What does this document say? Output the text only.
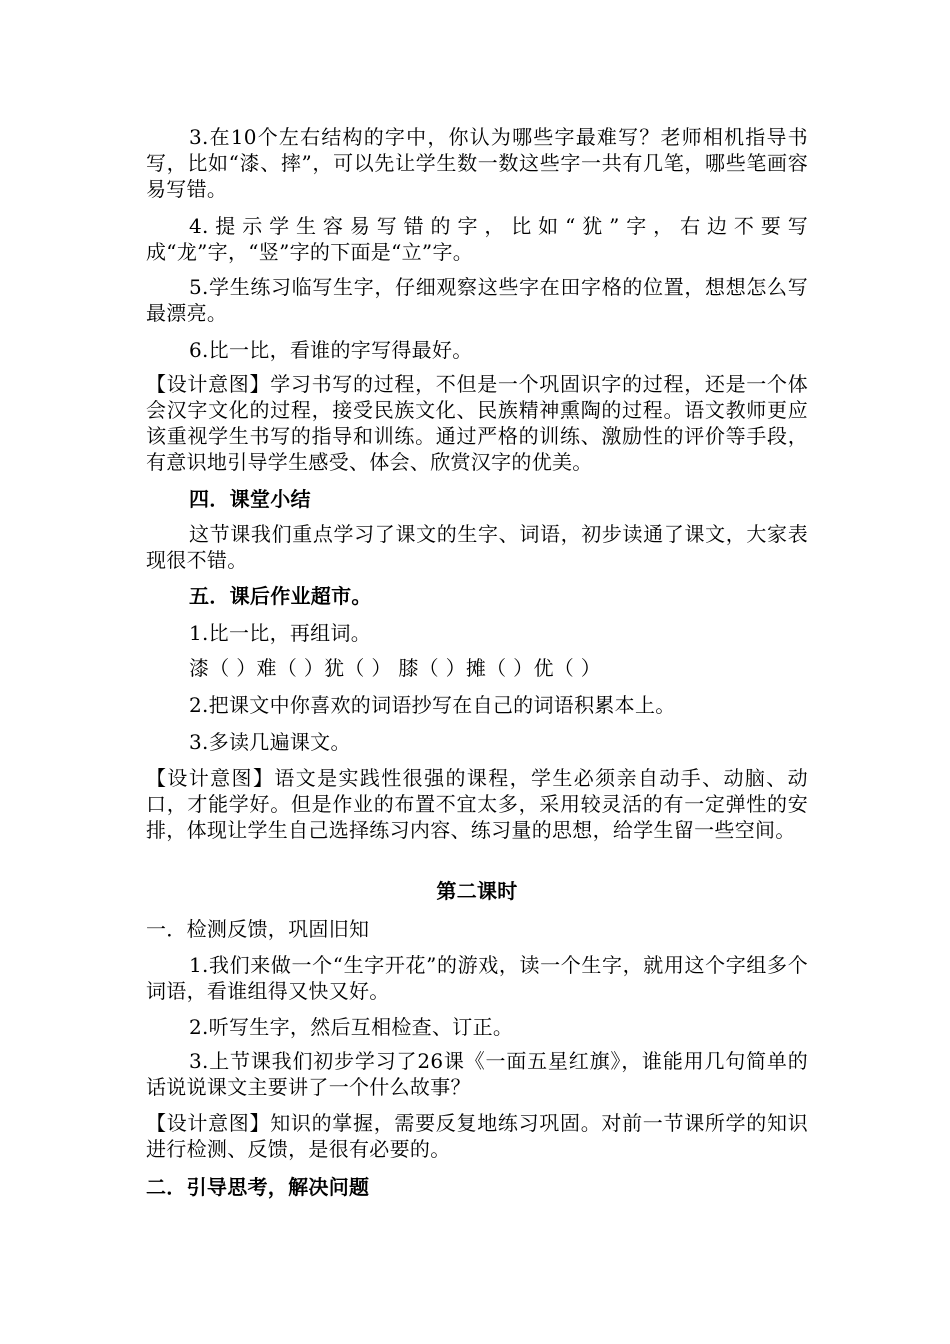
3.在10个左右结构的字中，你认为哪些字最难写？老师相机指导书写，比如“漆、摔”，可以先让学生数一数这些字一共有几笔，哪些笔画容易写错。
4.提示学生容易写错的字，比如“犹”字，右边不要写成“龙”字，“竖”字的下面是“立”字。
5.学生练习临写生字，仔细观察这些字在田字格的位置，想想怎么写最漂亮。
6.比一比，看谁的字写得最好。
【设计意图】学习书写的过程，不但是一个巩固识字的过程，还是一个体会汉字文化的过程，接受民族文化、民族精神熏陶的过程。语文教师更应该重视学生书写的指导和训练。通过严格的训练、激励性的评价等手段，有意识地引导学生感受、体会、欣赏汉字的优美。
四．课堂小结
这节课我们重点学习了课文的生字、词语，初步读通了课文，大家表现很不错。
五．课后作业超市。
1.比一比，再组词。
漆（ ）难（ ）犹（ ） 膝（ ）摊（ ）优（ ）
2.把课文中你喜欢的词语抄写在自己的词语积累本上。
3.多读几遍课文。
【设计意图】语文是实践性很强的课程，学生必须亲自动手、动脑、动口，才能学好。但是作业的布置不宜太多，采用较灵活的有一定弹性的安排，体现让学生自己选择练习内容、练习量的思想，给学生留一些空间。
第二课时
一．检测反馈，巩固旧知
1.我们来做一个“生字开花”的游戏，读一个生字，就用这个字组多个词语，看谁组得又快又好。
2.听写生字，然后互相检查、订正。
3.上节课我们初步学习了26课《一面五星红旗》，谁能用几句简单的话说说课文主要讲了一个什么故事？
【设计意图】知识的掌握，需要反复地练习巩固。对前一节课所学的知识进行检测、反馈，是很有必要的。
二．引导思考，解决问题
